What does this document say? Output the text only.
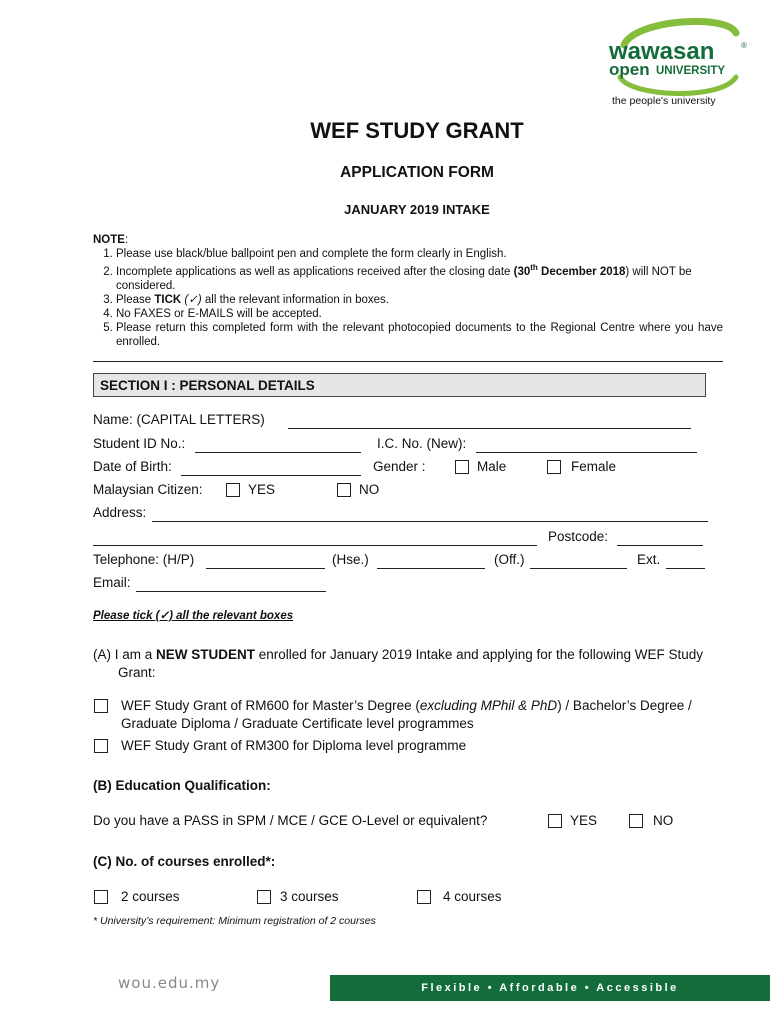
wawasan	®
open UNIVERSITY
the people's university
WEF STUDY GRANT
APPLICATION FORM
JANUARY 2019 INTAKE
NOTE:
1. Please use black/blue ballpoint pen and complete the form clearly in English.
2. Incomplete applications as well as applications received after the closing date (30th December 2018) will NOT be considered.
3. Please TICK (✓) all the relevant information in boxes.
4. No FAXES or E-MAILS will be accepted.
5. Please return this completed form with the relevant photocopied documents to the Regional Centre where you have enrolled.
SECTION I : PERSONAL DETAILS
Name: (CAPITAL LETTERS)
Student ID No.:	I.C. No. (New):
Date of Birth:	Gender :	Male	Female
Malaysian Citizen:	YES	NO
Address:
Postcode:
Telephone: (H/P)	(Hse.)	(Off.)	Ext.
Email:
Please tick (✓) all the relevant boxes
(A) I am a NEW STUDENT enrolled for January 2019 Intake and applying for the following WEF Study
Grant:
WEF Study Grant of RM600 for Master’s Degree (excluding MPhil & PhD) / Bachelor’s Degree /
Graduate Diploma / Graduate Certificate level programmes
WEF Study Grant of RM300 for Diploma level programme
(B) Education Qualification:
Do you have a PASS in SPM / MCE / GCE O-Level or equivalent?	YES	NO
(C) No. of courses enrolled*:
2 courses	3 courses	4 courses
* University’s requirement: Minimum registration of 2 courses
wou.edu.my	Flexible • Affordable • Accessible
